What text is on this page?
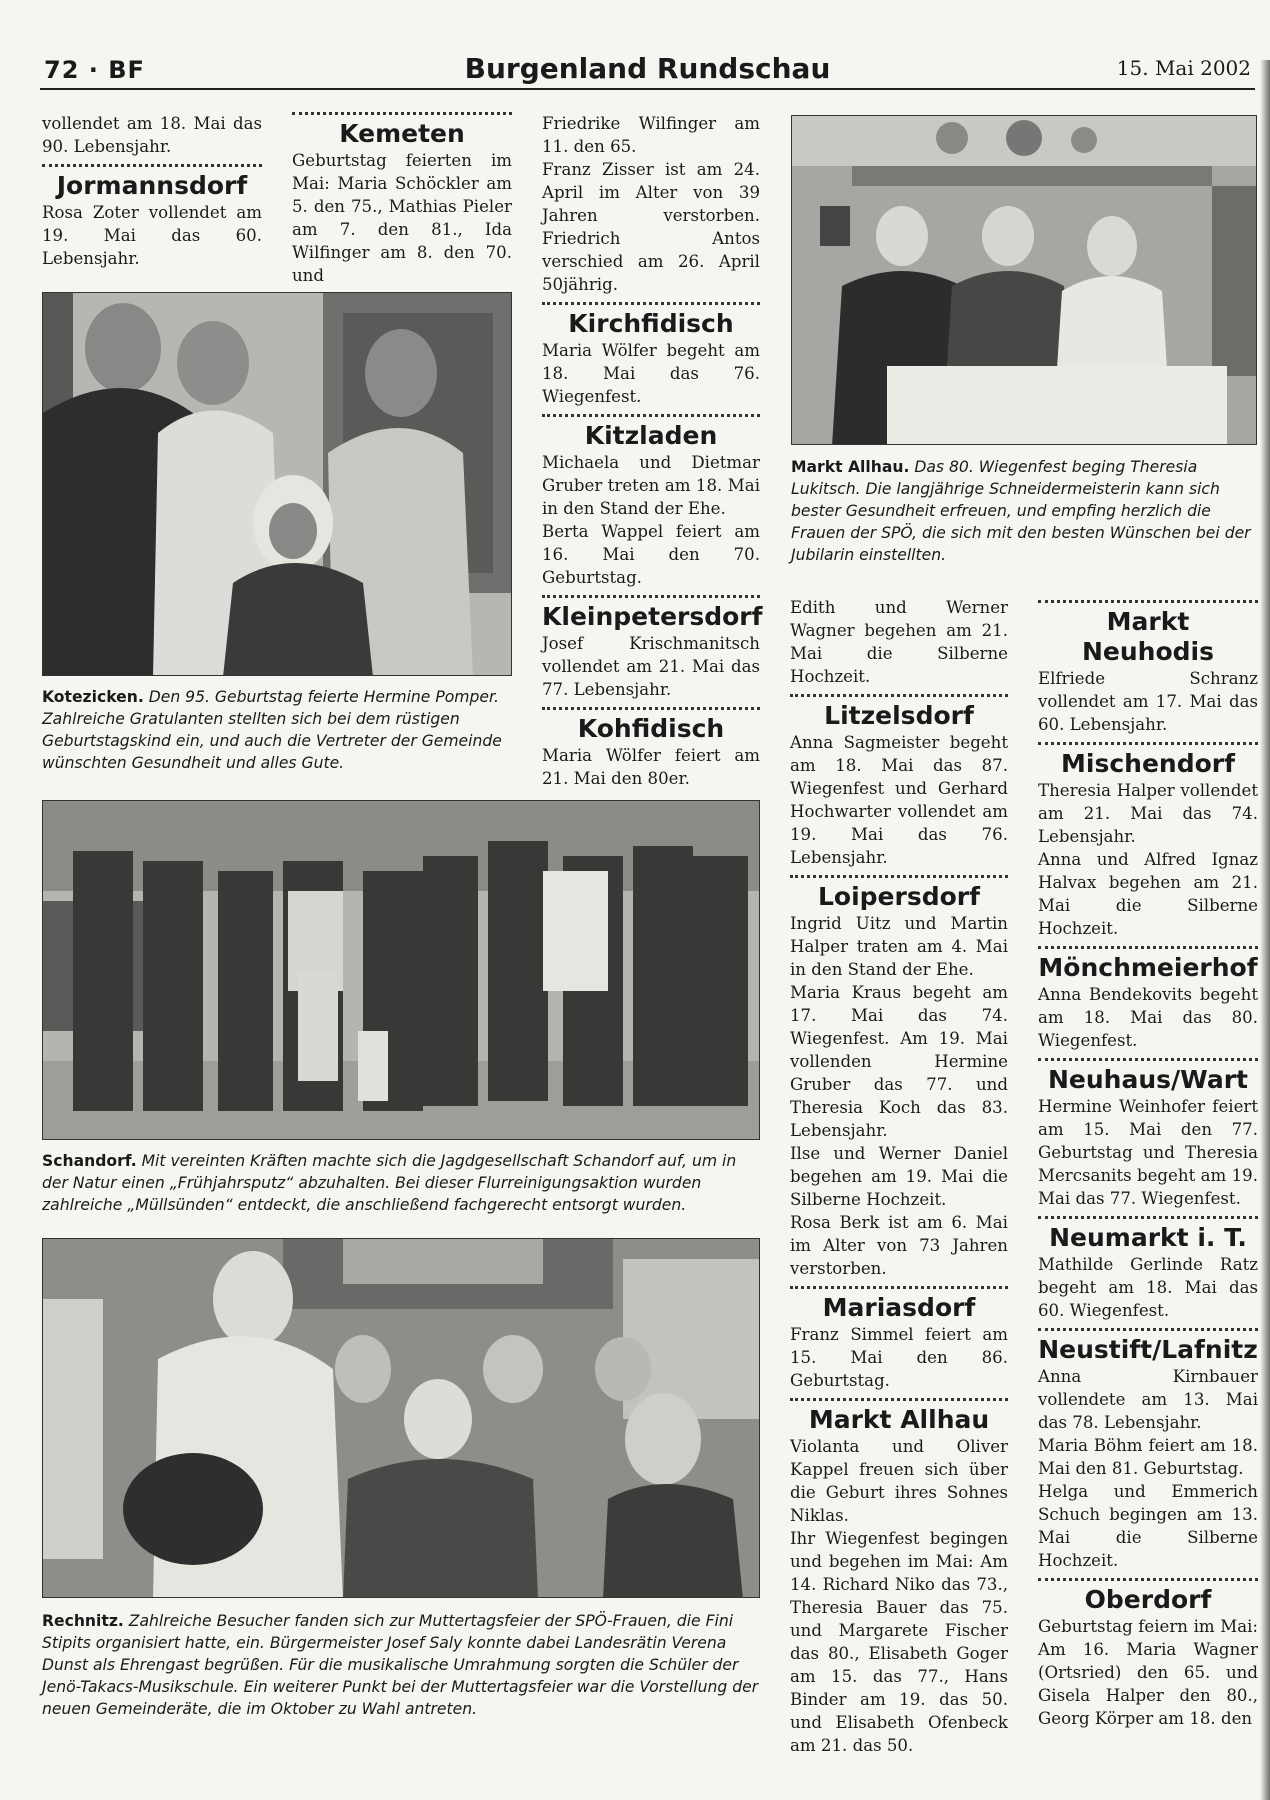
72 · BF	Burgenland Rundschau	15. Mai 2002
vollendet am 18. Mai das 90. Lebensjahr.
Jormannsdorf

Rosa Zoter vollendet am 19. Mai das 60. Lebensjahr.

Kemeten

Geburtstag feierten im Mai: Maria Schöckler am 5. den 75., Mathias Pieler am 7. den 81., Ida Wilfinger am 8. den 70. und

Friedrike Wilfinger am 11. den 65.
Franz Zisser ist am 24. April im Alter von 39 Jahren verstorben. Friedrich Antos verschied am 26. April 50jährig.
Kirchfidisch

Maria Wölfer begeht am 18. Mai das 76. Wiegenfest.

Kitzladen

Michaela und Dietmar Gruber treten am 18. Mai in den Stand der Ehe.

Berta Wappel feiert am 16. Mai den 70. Geburtstag.

Kleinpetersdorf

Josef Krischmanitsch vollendet am 21. Mai das 77. Lebensjahr.

Kohfidisch

Maria Wölfer feiert am 21. Mai den 80er.

Edith und Werner Wagner begehen am 21. Mai die Silberne Hochzeit.
Litzelsdorf

Anna Sagmeister begeht am 18. Mai das 87. Wiegenfest und Gerhard Hochwarter vollendet am 19. Mai das 76. Lebensjahr.

Loipersdorf

Ingrid Uitz und Martin Halper traten am 4. Mai in den Stand der Ehe.

Maria Kraus begeht am 17. Mai das 74. Wiegenfest. Am 19. Mai vollenden Hermine Gruber das 77. und Theresia Koch das 83. Lebensjahr.

Ilse und Werner Daniel begehen am 19. Mai die Silberne Hochzeit.

Rosa Berk ist am 6. Mai im Alter von 73 Jahren verstorben.

Mariasdorf

Franz Simmel feiert am 15. Mai den 86. Geburtstag.

Markt Allhau

Violanta und Oliver Kappel freuen sich über die Geburt ihres Sohnes Niklas.

Ihr Wiegenfest begingen und begehen im Mai: Am 14. Richard Niko das 73., Theresia Bauer das 75. und Margarete Fischer das 80., Elisabeth Goger am 15. das 77., Hans Binder am 19. das 50. und Elisabeth Ofenbeck am 21. das 50.

Markt Neuhodis

Elfriede Schranz vollendet am 17. Mai das 60. Lebensjahr.

Mischendorf

Theresia Halper vollendet am 21. Mai das 74. Lebensjahr.

Anna und Alfred Ignaz Halvax begehen am 21. Mai die Silberne Hochzeit.

Mönchmeierhof

Anna Bendekovits begeht am 18. Mai das 80. Wiegenfest.

Neuhaus/Wart

Hermine Weinhofer feiert am 15. Mai den 77. Geburtstag und Theresia Mercsanits begeht am 19. Mai das 77. Wiegenfest.

Neumarkt i. T.

Mathilde Gerlinde Ratz begeht am 18. Mai das 60. Wiegenfest.

Neustift/Lafnitz

Anna Kirnbauer vollendete am 13. Mai das 78. Lebensjahr.

Maria Böhm feiert am 18. Mai den 81. Geburtstag.

Helga und Emmerich Schuch begingen am 13. Mai die Silberne Hochzeit.

Oberdorf

Geburtstag feiern im Mai: Am 16. Maria Wagner (Ortsried) den 65. und Gisela Halper den 80., Georg Körper am 18. den

Kotezicken. Den 95. Geburtstag feierte Hermine Pomper. Zahlreiche Gratulanten stellten sich bei dem rüstigen Geburtstagskind ein, und auch die Vertreter der Gemeinde wünschten Gesundheit und alles Gute.
Markt Allhau. Das 80. Wiegenfest beging Theresia Lukitsch. Die langjährige Schneidermeisterin kann sich bester Gesundheit erfreuen, und empfing herzlich die Frauen der SPÖ, die sich mit den besten Wünschen bei der Jubilarin einstellten.
Schandorf. Mit vereinten Kräften machte sich die Jagdgesellschaft Schandorf auf, um in der Natur einen „Frühjahrsputz“ abzuhalten. Bei dieser Flurreinigungsaktion wurden zahlreiche „Müllsünden“ entdeckt, die anschließend fachgerecht entsorgt wurden.
Rechnitz. Zahlreiche Besucher fanden sich zur Muttertagsfeier der SPÖ-Frauen, die Fini Stipits organisiert hatte, ein. Bürgermeister Josef Saly konnte dabei Landesrätin Verena Dunst als Ehrengast begrüßen. Für die musikalische Umrahmung sorgten die Schüler der Jenö-Takacs-Musikschule. Ein weiterer Punkt bei der Muttertagsfeier war die Vorstellung der neuen Gemeinderäte, die im Oktober zu Wahl antreten.
